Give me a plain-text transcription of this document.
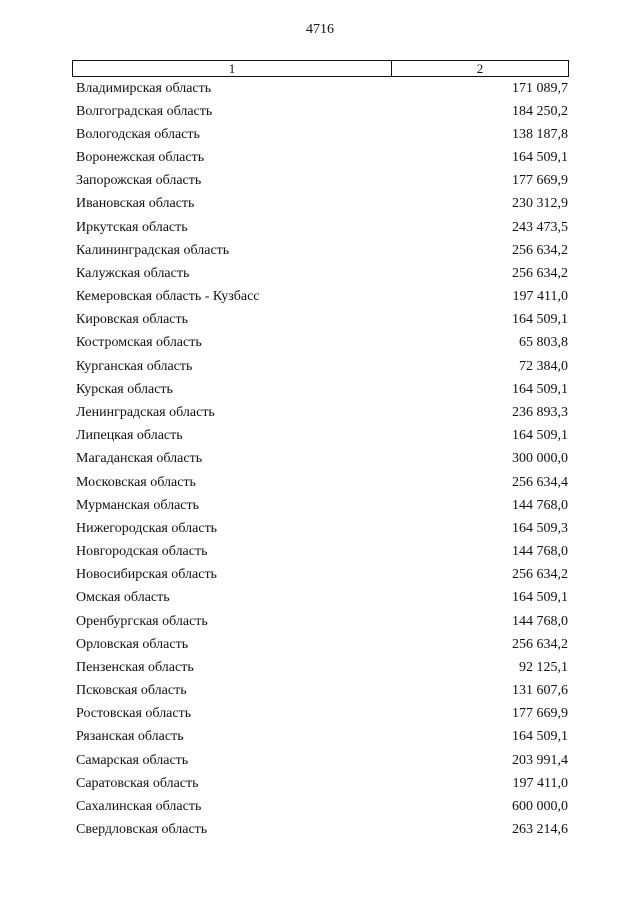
4716
1	2
Владимирская область	171 089,7
Волгоградская область	184 250,2
Вологодская область	138 187,8
Воронежская область	164 509,1
Запорожская область	177 669,9
Ивановская область	230 312,9
Иркутская область	243 473,5
Калининградская область	256 634,2
Калужская область	256 634,2
Кемеровская область - Кузбасс	197 411,0
Кировская область	164 509,1
Костромская область	65 803,8
Курганская область	72 384,0
Курская область	164 509,1
Ленинградская область	236 893,3
Липецкая область	164 509,1
Магаданская область	300 000,0
Московская область	256 634,4
Мурманская область	144 768,0
Нижегородская область	164 509,3
Новгородская область	144 768,0
Новосибирская область	256 634,2
Омская область	164 509,1
Оренбургская область	144 768,0
Орловская область	256 634,2
Пензенская область	92 125,1
Псковская область	131 607,6
Ростовская область	177 669,9
Рязанская область	164 509,1
Самарская область	203 991,4
Саратовская область	197 411,0
Сахалинская область	600 000,0
Свердловская область	263 214,6
